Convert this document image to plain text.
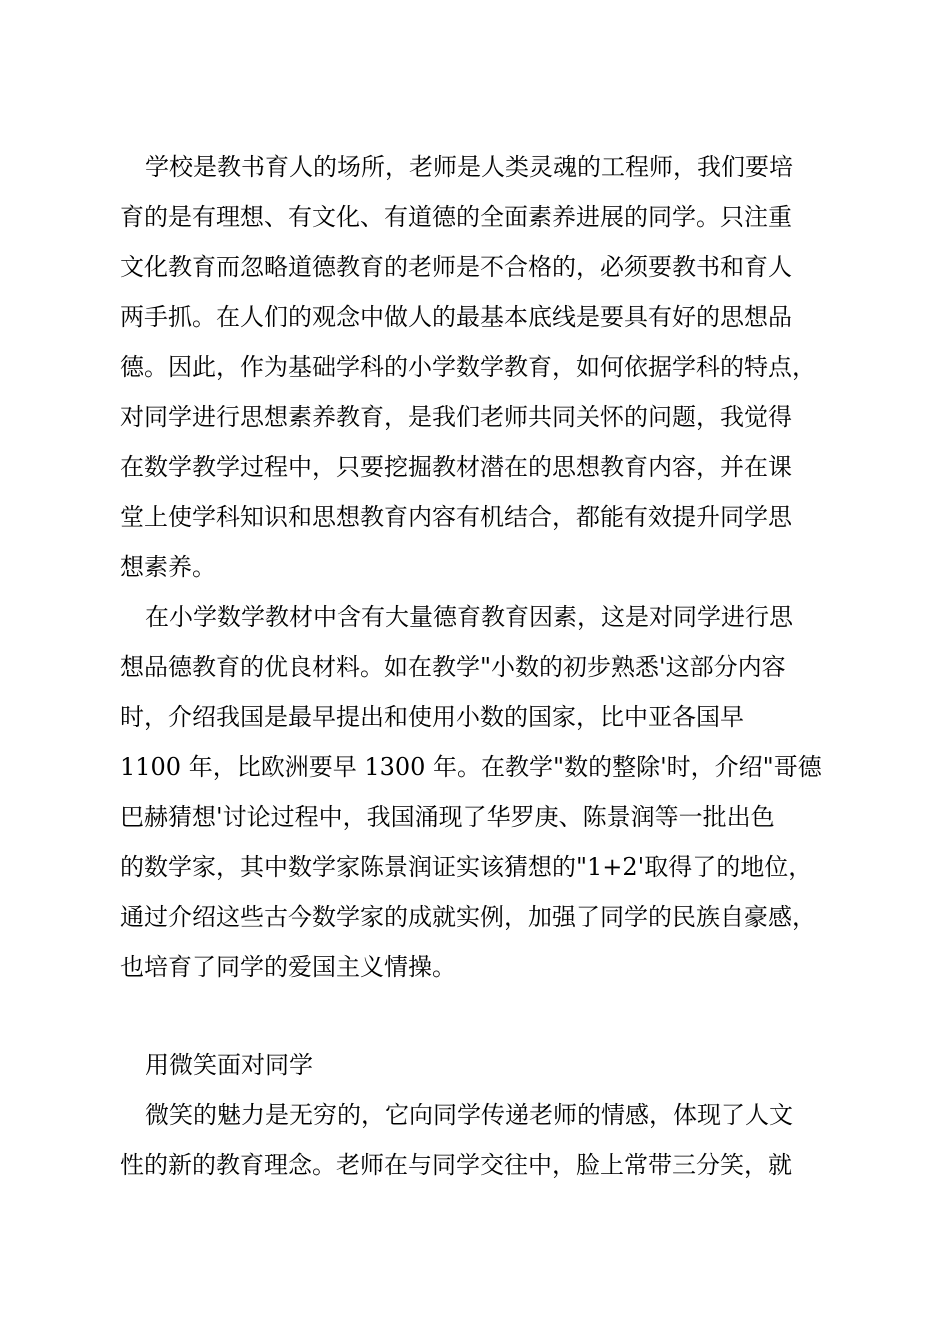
学校是教书育人的场所，老师是人类灵魂的工程师，我们要培
育的是有理想、有文化、有道德的全面素养进展的同学。只注重
文化教育而忽略道德教育的老师是不合格的，必须要教书和育人
两手抓。在人们的观念中做人的最基本底线是要具有好的思想品
德。因此，作为基础学科的小学数学教育，如何依据学科的特点，
对同学进行思想素养教育，是我们老师共同关怀的问题，我觉得
在数学教学过程中，只要挖掘教材潜在的思想教育内容，并在课
堂上使学科知识和思想教育内容有机结合，都能有效提升同学思
想素养。
在小学数学教材中含有大量德育教育因素，这是对同学进行思
想品德教育的优良材料。如在教学"小数的初步熟悉'这部分内容
时，介绍我国是最早提出和使用小数的国家，比中亚各国早
1100 年，比欧洲要早 1300 年。在教学"数的整除'时，介绍"哥德
巴赫猜想'讨论过程中，我国涌现了华罗庚、陈景润等一批出色
的数学家，其中数学家陈景润证实该猜想的"1+2'取得了的地位，
通过介绍这些古今数学家的成就实例，加强了同学的民族自豪感，
也培育了同学的爱国主义情操。
用微笑面对同学
微笑的魅力是无穷的，它向同学传递老师的情感，体现了人文
性的新的教育理念。老师在与同学交往中，脸上常带三分笑，就
